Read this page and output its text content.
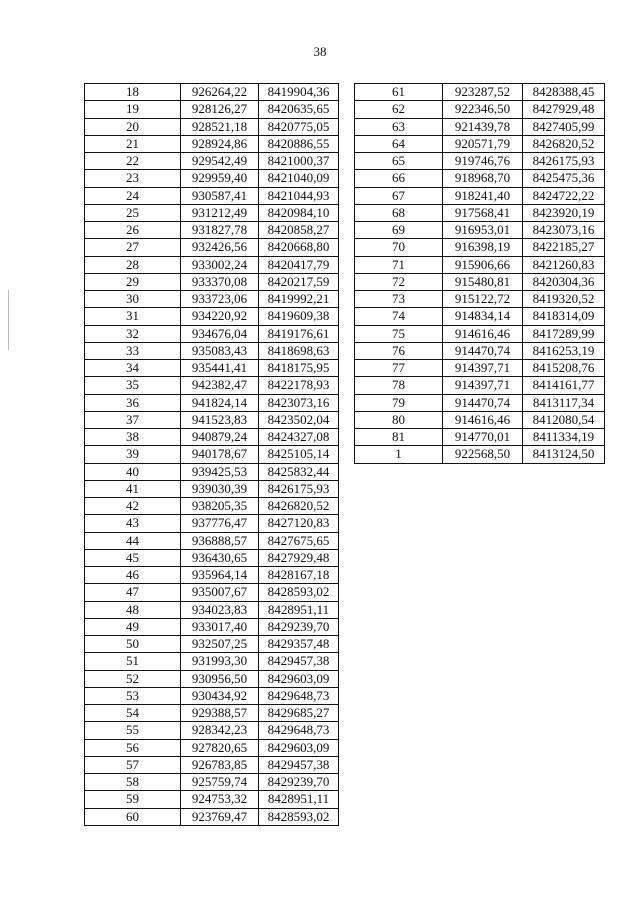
38
18	926264,22	8419904,36
19	928126,27	8420635,65
20	928521,18	8420775,05
21	928924,86	8420886,55
22	929542,49	8421000,37
23	929959,40	8421040,09
24	930587,41	8421044,93
25	931212,49	8420984,10
26	931827,78	8420858,27
27	932426,56	8420668,80
28	933002,24	8420417,79
29	933370,08	8420217,59
30	933723,06	8419992,21
31	934220,92	8419609,38
32	934676,04	8419176,61
33	935083,43	8418698,63
34	935441,41	8418175,95
35	942382,47	8422178,93
36	941824,14	8423073,16
37	941523,83	8423502,04
38	940879,24	8424327,08
39	940178,67	8425105,14
40	939425,53	8425832,44
41	939030,39	8426175,93
42	938205,35	8426820,52
43	937776,47	8427120,83
44	936888,57	8427675,65
45	936430,65	8427929,48
46	935964,14	8428167,18
47	935007,67	8428593,02
48	934023,83	8428951,11
49	933017,40	8429239,70
50	932507,25	8429357,48
51	931993,30	8429457,38
52	930956,50	8429603,09
53	930434,92	8429648,73
54	929388,57	8429685,27
55	928342,23	8429648,73
56	927820,65	8429603,09
57	926783,85	8429457,38
58	925759,74	8429239,70
59	924753,32	8428951,11
60	923769,47	8428593,02
61	923287,52	8428388,45
62	922346,50	8427929,48
63	921439,78	8427405,99
64	920571,79	8426820,52
65	919746,76	8426175,93
66	918968,70	8425475,36
67	918241,40	8424722,22
68	917568,41	8423920,19
69	916953,01	8423073,16
70	916398,19	8422185,27
71	915906,66	8421260,83
72	915480,81	8420304,36
73	915122,72	8419320,52
74	914834,14	8418314,09
75	914616,46	8417289,99
76	914470,74	8416253,19
77	914397,71	8415208,76
78	914397,71	8414161,77
79	914470,74	8413117,34
80	914616,46	8412080,54
81	914770,01	8411334,19
1	922568,50	8413124,50
